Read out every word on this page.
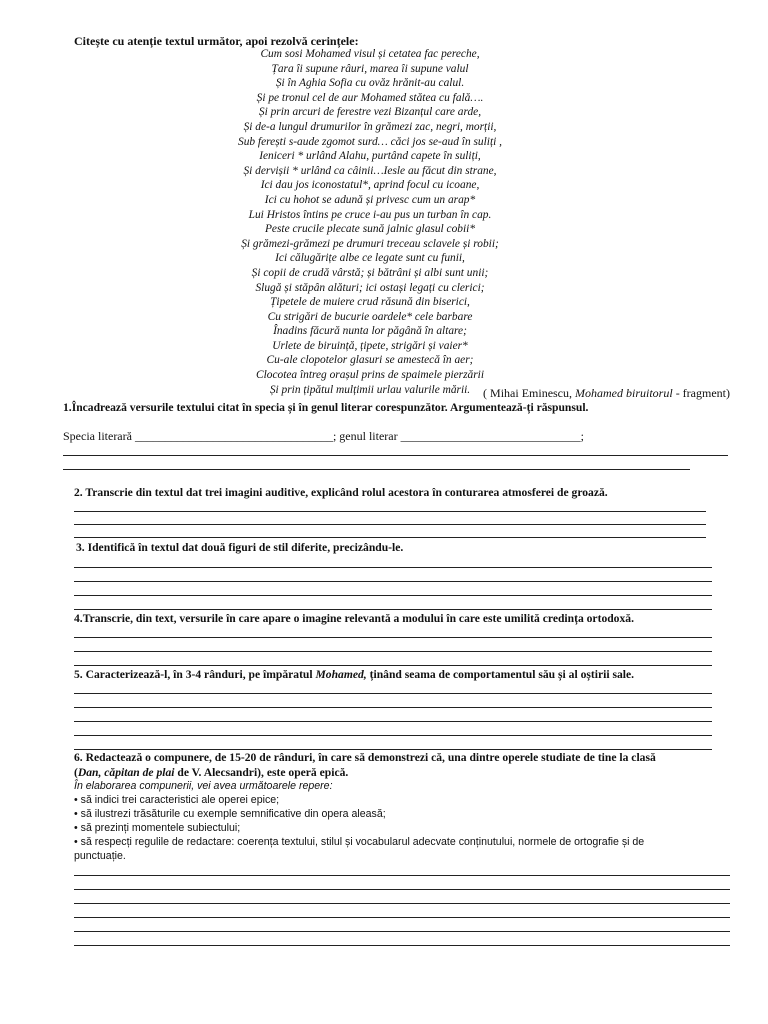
Citește cu atenție textul următor, apoi rezolvă cerințele:
Cum sosi Mohamed visul și cetatea fac pereche,
Țara îi supune râuri, marea îi supune valul
Și în Aghia Sofia cu ovăz hrănit-au calul.
Și pe tronul cel de aur Mohamed stătea cu fală….
Și prin arcuri de ferestre vezi Bizanțul care arde,
Și de-a lungul drumurilor în grămezi zac, negri, morții,
Sub ferești s-aude zgomot surd… căci jos se-aud în suliți ,
Ieniceri * urlând Alahu, purtând capete în suliți,
Și dervișii * urlând ca câinii…Iesle au făcut din strane,
Ici dau jos iconostatul*, aprind focul cu icoane,
Ici cu hohot se adună și privesc cum un arap*
Lui Hristos întins pe cruce i-au pus un turban în cap.
Peste crucile plecate sună jalnic glasul cobii*
Și grămezi-grămezi pe drumuri treceau sclavele și robii;
Ici călugărițe albe ce legate sunt cu funii,
Și copii de crudă vârstă; și bătrâni și albi sunt unii;
Slugă și stăpân alături; ici ostași legați cu clerici;
Țipetele de muiere crud răsună din biserici,
Cu strigări de bucurie oardele* cele barbare
Înadins făcură nunta lor păgână în altare;
Urlete de biruință, țipete, strigări și vaier*
Cu-ale clopotelor glasuri se amestecă în aer;
Clocotea întreg orașul prins de spaimele pierzării
Și prin țipătul mulțimii urlau valurile mării.	( Mihai Eminescu, Mohamed biruitorul - fragment)
1.Încadrează versurile textului citat în specia și în genul literar corespunzător. Argumentează-ți răspunsul.
Specia literară _________________________________; genul literar ______________________________;
2. Transcrie din textul dat trei imagini auditive, explicând rolul acestora în conturarea atmosferei de groază.
3. Identifică în textul dat două figuri de stil diferite, precizându-le.
4.Transcrie, din text, versurile în care apare o imagine relevantă a modului în care este umilită credința ortodoxă.
5. Caracterizează-l, în 3-4 rânduri, pe împăratul Mohamed, ținând seama de comportamentul său și al oștirii sale.
6. Redactează o compunere, de 15-20 de rânduri, în care să demonstrezi că, una dintre operele studiate de tine la clasă
(Dan, căpitan de plai de V. Alecsandri), este operă epică.
În elaborarea compunerii, vei avea următoarele repere:
• să indici trei caracteristici ale operei epice;
• să ilustrezi trăsăturile cu exemple semnificative din opera aleasă;
• să prezinți momentele subiectului;
• să respecți regulile de redactare: coerența textului, stilul și vocabularul adecvate conținutului, normele de ortografie și de
punctuație.
